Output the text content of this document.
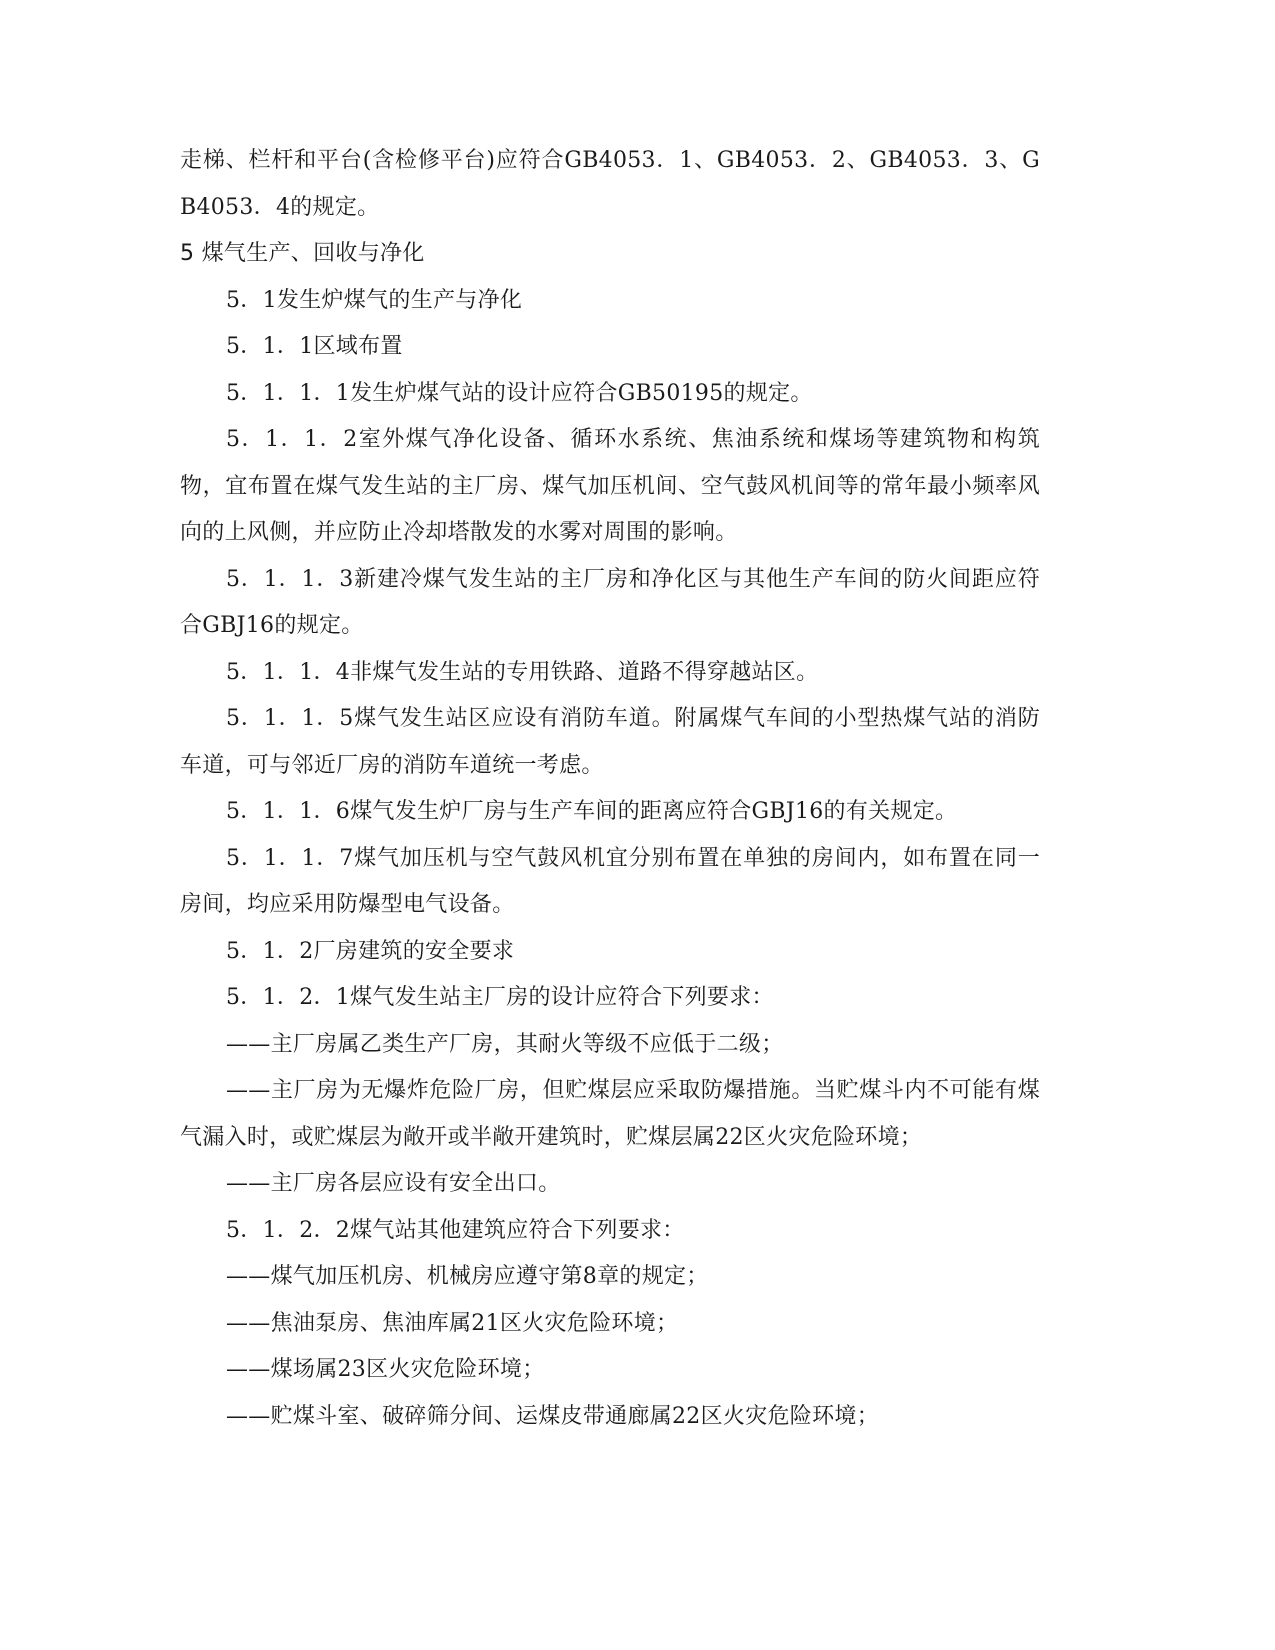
走梯、栏杆和平台(含检修平台)应符合GB4053．1、GB4053．2、GB4053．3、GB4053．4的规定。

5 煤气生产、回收与净化

5．1发生炉煤气的生产与净化

5．1．1区域布置

5．1．1．1发生炉煤气站的设计应符合GB50195的规定。

5．1．1．2室外煤气净化设备、循环水系统、焦油系统和煤场等建筑物和构筑物，宜布置在煤气发生站的主厂房、煤气加压机间、空气鼓风机间等的常年最小频率风向的上风侧，并应防止冷却塔散发的水雾对周围的影响。

5．1．1．3新建冷煤气发生站的主厂房和净化区与其他生产车间的防火间距应符合GBJ16的规定。

5．1．1．4非煤气发生站的专用铁路、道路不得穿越站区。

5．1．1．5煤气发生站区应设有消防车道。附属煤气车间的小型热煤气站的消防车道，可与邻近厂房的消防车道统一考虑。

5．1．1．6煤气发生炉厂房与生产车间的距离应符合GBJ16的有关规定。

5．1．1．7煤气加压机与空气鼓风机宜分别布置在单独的房间内，如布置在同一房间，均应采用防爆型电气设备。

5．1．2厂房建筑的安全要求

5．1．2．1煤气发生站主厂房的设计应符合下列要求：

——主厂房属乙类生产厂房，其耐火等级不应低于二级；

——主厂房为无爆炸危险厂房，但贮煤层应采取防爆措施。当贮煤斗内不可能有煤气漏入时，或贮煤层为敞开或半敞开建筑时，贮煤层属22区火灾危险环境；

——主厂房各层应设有安全出口。

5．1．2．2煤气站其他建筑应符合下列要求：

——煤气加压机房、机械房应遵守第8章的规定；

——焦油泵房、焦油库属21区火灾危险环境；

——煤场属23区火灾危险环境；

——贮煤斗室、破碎筛分间、运煤皮带通廊属22区火灾危险环境；
